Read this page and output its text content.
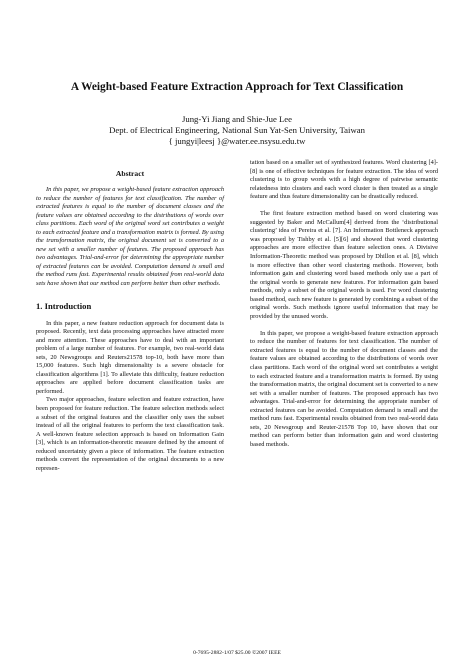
A Weight-based Feature Extraction Approach for Text Classification
Jung-Yi Jiang and Shie-Jue Lee
Dept. of Electrical Engineering, National Sun Yat-Sen University, Taiwan
{ jungyi|leesj }@water.ee.nsysu.edu.tw
Abstract

In this paper, we propose a weight-based feature extraction approach to reduce the number of features for text classification. The number of extracted features is equal to the number of document classes and the feature values are obtained according to the distributions of words over class partitions. Each word of the original word set contributes a weight to each extracted feature and a transformation matrix is formed. By using the transformation matrix, the original document set is converted to a new set with a smaller number of features. The proposed approach has two advantages. Trial-and-error for determining the appropriate number of extracted features can be avoided. Computation demand is small and the method runs fast. Experimental results obtained from real-world data sets have shown that our method can perform better than other methods.

1. Introduction

In this paper, a new feature reduction approach for document data is proposed. Recently, text data processing approaches have attracted more and more attention. These approaches have to deal with an important problem of a large number of features. For example, two real-world data sets, 20 Newsgroups and Reuters21578 top-10, both have more than 15,000 features. Such high dimensionality is a severe obstacle for classification algorithms [1]. To alleviate this difficulty, feature reduction approaches are applied before document classification tasks are performed.

Two major approaches, feature selection and feature extraction, have been proposed for feature reduction. The feature selection methods select a subset of the original features and the classifier only uses the subset instead of all the original features to perform the text classification task. A well-known feature selection approach is based on Information Gain [3], which is an information-theoretic measure defined by the amount of reduced uncertainty given a piece of information. The feature extraction methods convert the representation of the original documents to a new represen-

tation based on a smaller set of synthesized features. Word clustering [4]-[8] is one of effective techniques for feature extraction. The idea of word clustering is to group words with a high degree of pairwise semantic relatedness into clusters and each word cluster is then treated as a single feature and thus feature dimensionality can be drastically reduced.

The first feature extraction method based on word clustering was suggested by Baker and McCallum[4] derived from the ‘distributional clustering’ idea of Pereira et al. [7]. An Information Bottleneck approach was proposed by Tishby et al. [5][6] and showed that word clustering approaches are more effective than feature selection ones. A Divisive Information-Theoretic method was proposed by Dhillon et al. [8], which is more effective than other word clustering methods. However, both information gain and clustering word based methods only use a part of the original words to generate new features. For information gain based methods, only a subset of the original words is used. For word clustering based method, each new feature is generated by combining a subset of the original words. Such methods ignore useful information that may be provided by the unused words.

In this paper, we propose a weight-based feature extraction approach to reduce the number of features for text classification. The number of extracted features is equal to the number of document classes and the feature values are obtained according to the distributions of words over class partitions. Each word of the original word set contributes a weight to each extracted feature and a transformation matrix is formed. By using the transformation matrix, the original document set is converted to a new set with a smaller number of features. The proposed approach has two advantages. Trial-and-error for determining the appropriate number of extracted features can be avoided. Computation demand is small and the method runs fast. Experimental results obtained from two real-world data sets, 20 Newsgroup and Reuter-21578 Top 10, have shown that our method can perform better than information gain and word clustering based methods.

0-7695-2882-1/07 $25.00 ©2007 IEEE
